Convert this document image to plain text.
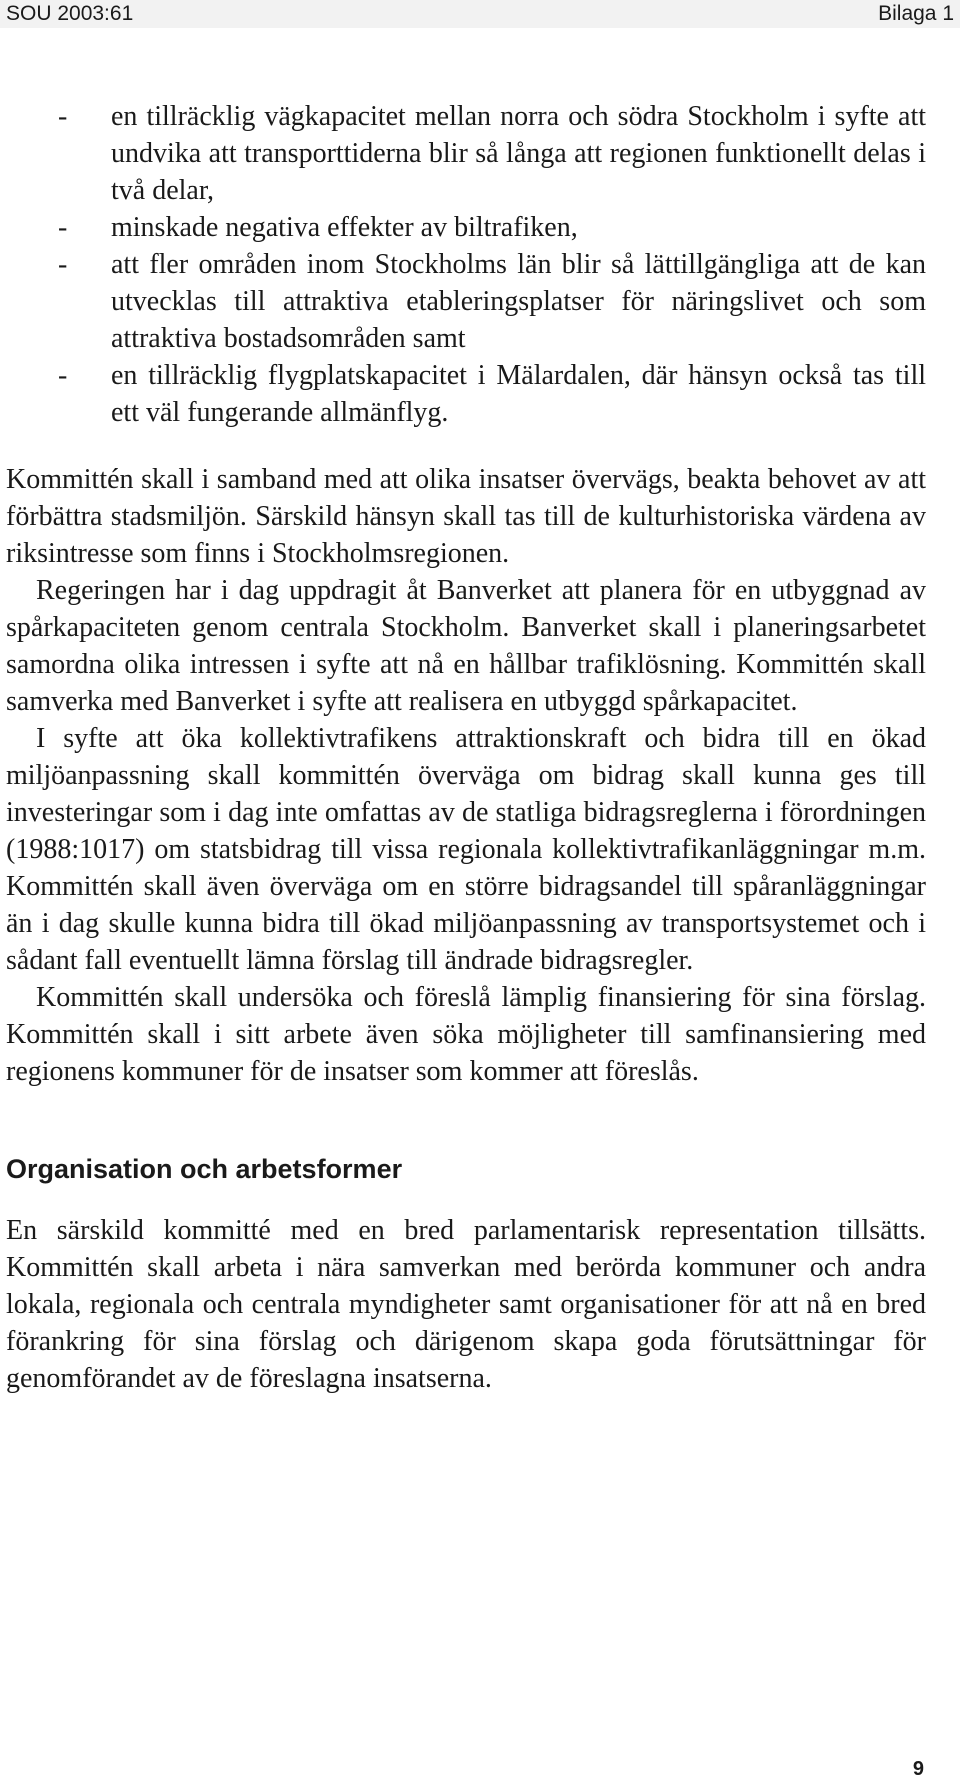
SOU 2003:61	Bilaga 1
- en tillräcklig vägkapacitet mellan norra och södra Stockholm i syfte att undvika att transporttiderna blir så långa att regionen funktionellt delas i två delar,
- minskade negativa effekter av biltrafiken,
- att fler områden inom Stockholms län blir så lättillgängliga att de kan utvecklas till attraktiva etableringsplatser för näringslivet och som attraktiva bostadsområden samt
- en tillräcklig flygplatskapacitet i Mälardalen, där hänsyn också tas till ett väl fungerande allmänflyg.

Kommittén skall i samband med att olika insatser övervägs, beakta behovet av att förbättra stadsmiljön. Särskild hänsyn skall tas till de kulturhistoriska värdena av riksintresse som finns i Stockholmsregionen.

Regeringen har i dag uppdragit åt Banverket att planera för en utbyggnad av spårkapaciteten genom centrala Stockholm. Banverket skall i planeringsarbetet samordna olika intressen i syfte att nå en hållbar trafiklösning. Kommittén skall samverka med Banverket i syfte att realisera en utbyggd spårkapacitet.

I syfte att öka kollektivtrafikens attraktionskraft och bidra till en ökad miljöanpassning skall kommittén överväga om bidrag skall kunna ges till investeringar som i dag inte omfattas av de statliga bidragsreglerna i förordningen (1988:1017) om statsbidrag till vissa regionala kollektivtrafikanläggningar m.m. Kommittén skall även överväga om en större bidragsandel till spåranläggningar än i dag skulle kunna bidra till ökad miljöanpassning av transportsystemet och i sådant fall eventuellt lämna förslag till ändrade bidragsregler.

Kommittén skall undersöka och föreslå lämplig finansiering för sina förslag. Kommittén skall i sitt arbete även söka möjligheter till samfinansiering med regionens kommuner för de insatser som kommer att föreslås.

Organisation och arbetsformer

En särskild kommitté med en bred parlamentarisk representation tillsätts. Kommittén skall arbeta i nära samverkan med berörda kommuner och andra lokala, regionala och centrala myndigheter samt organisationer för att nå en bred förankring för sina förslag och därigenom skapa goda förutsättningar för genomförandet av de föreslagna insatserna.

9
